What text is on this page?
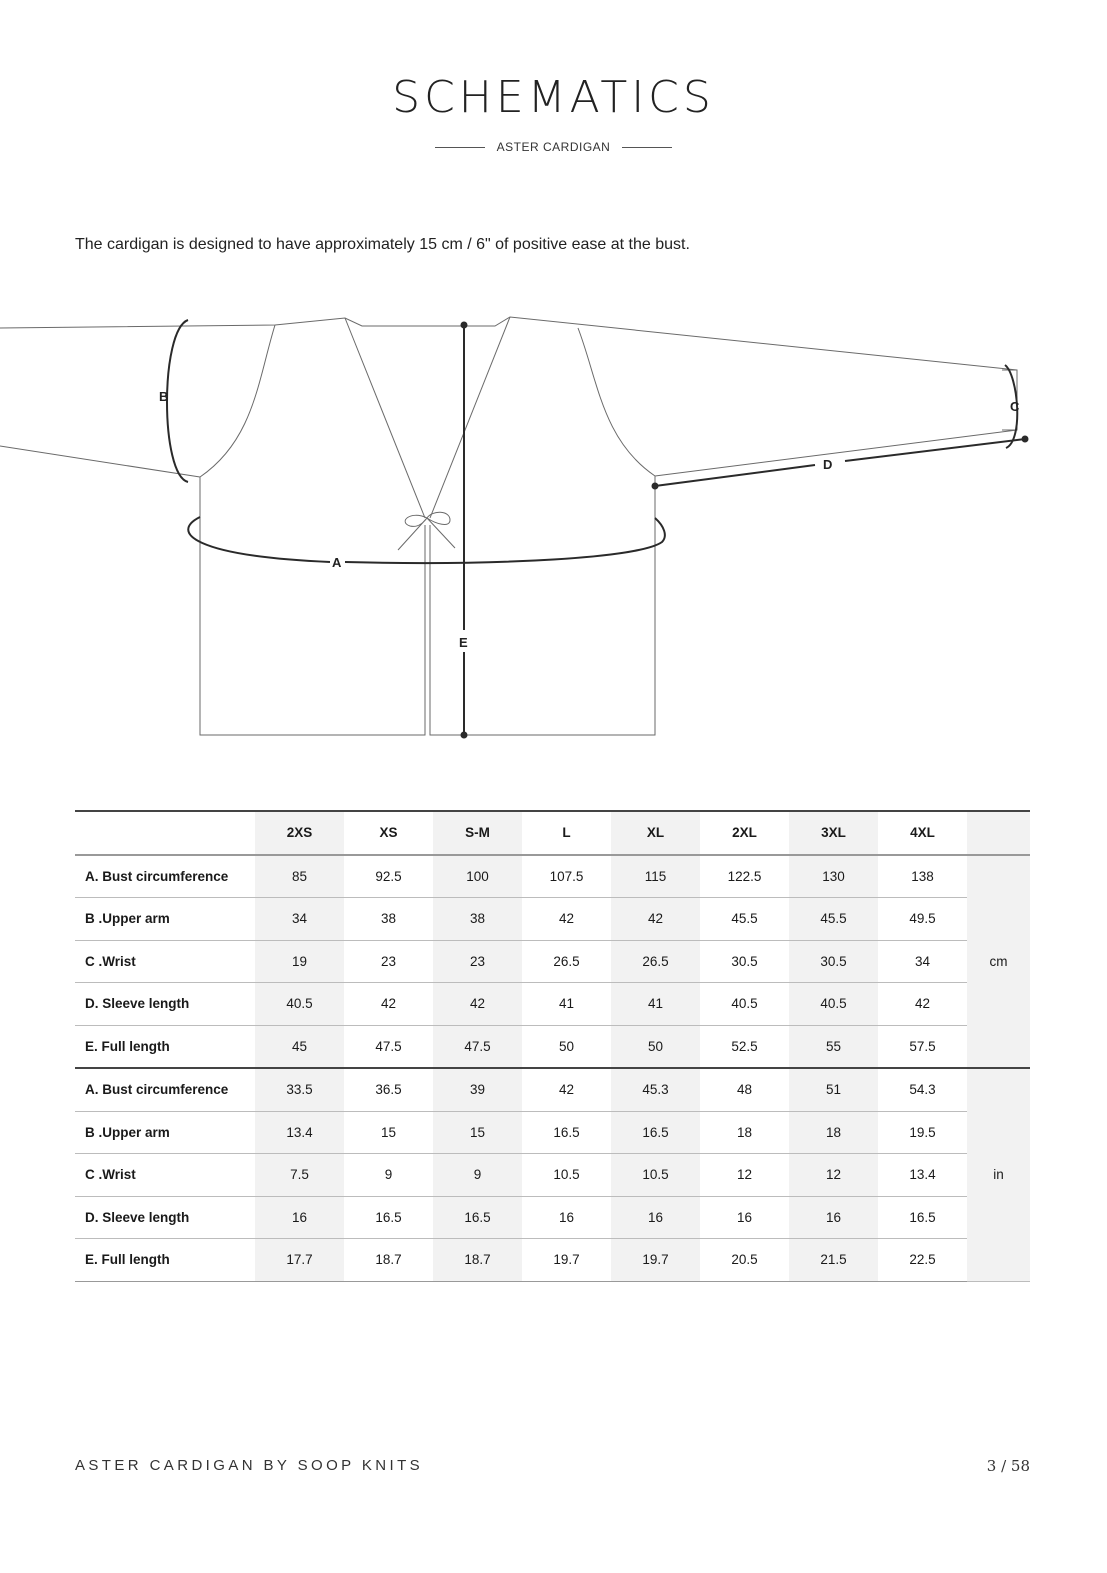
SCHEMATICS
ASTER CARDIGAN
The cardigan is designed to have approximately 15 cm / 6" of positive ease at the bust.
A
B
C
D
E
	2XS	XS	S-M	L	XL	2XL	3XL	4XL	
A. Bust circumference	85	92.5	100	107.5	115	122.5	130	138	cm
B .Upper arm	34	38	38	42	42	45.5	45.5	49.5	
C .Wrist	19	23	23	26.5	26.5	30.5	30.5	34	
D. Sleeve length	40.5	42	42	41	41	40.5	40.5	42	
E. Full length	45	47.5	47.5	50	50	52.5	55	57.5	
A. Bust circumference	33.5	36.5	39	42	45.3	48	51	54.3	in
B .Upper arm	13.4	15	15	16.5	16.5	18	18	19.5	
C .Wrist	7.5	9	9	10.5	10.5	12	12	13.4	
D. Sleeve length	16	16.5	16.5	16	16	16	16	16.5	
E. Full length	17.7	18.7	18.7	19.7	19.7	20.5	21.5	22.5	
ASTER CARDIGAN BY SOOP KNITS	3 / 58
